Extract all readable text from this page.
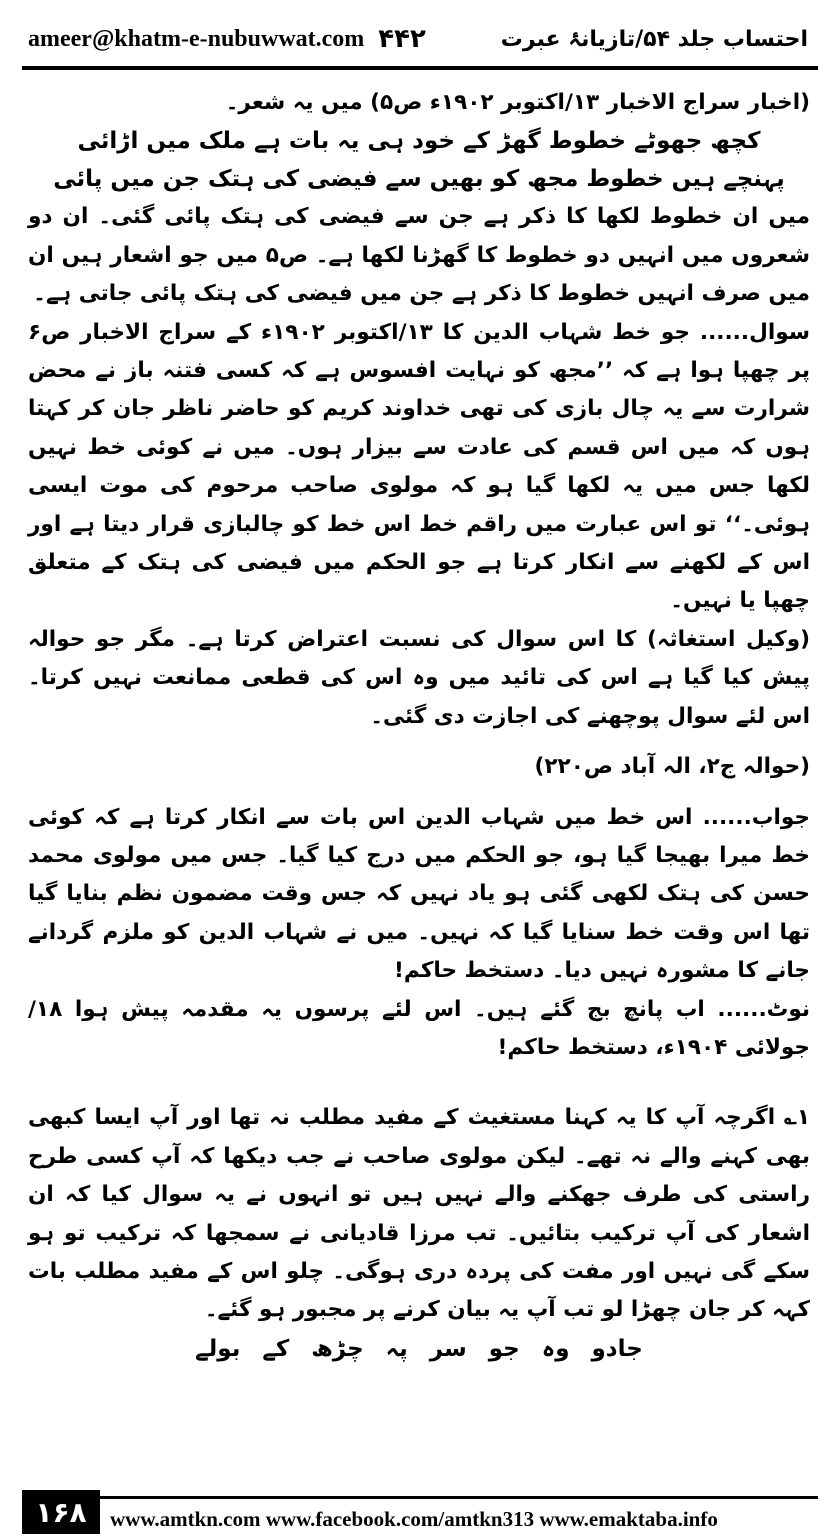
ameer@khatm-e-nubuwwat.com ۴۴۲	احتساب جلد ۵۴/تازیانۂ عبرت

(اخبار سراج الاخبار ۱۳/اکتوبر ۱۹۰۲ء ص۵) میں یہ شعر۔

کچھ جھوٹے خطوط گھڑ کے خود ہی یہ بات ہے ملک میں اڑائی
پہنچے ہیں خطوط مجھ کو بھیں سے فیضی کی ہتک جن میں پائی

میں ان خطوط لکھا کا ذکر ہے جن سے فیضی کی ہتک پائی گئی۔ ان دو شعروں میں انہیں دو خطوط کا گھڑنا لکھا ہے۔ ص۵ میں جو اشعار ہیں ان میں صرف انہیں خطوط کا ذکر ہے جن میں فیضی کی ہتک پائی جاتی ہے۔

سوال...... جو خط شہاب الدین کا ۱۳/اکتوبر ۱۹۰۲ء کے سراج الاخبار ص۶ پر چھپا ہوا ہے کہ ’’مجھ کو نہایت افسوس ہے کہ کسی فتنہ باز نے محض شرارت سے یہ چال بازی کی تھی خداوند کریم کو حاضر ناظر جان کر کہتا ہوں کہ میں اس قسم کی عادت سے بیزار ہوں۔ میں نے کوئی خط نہیں لکھا جس میں یہ لکھا گیا ہو کہ مولوی صاحب مرحوم کی موت ایسی ہوئی۔‘‘ تو اس عبارت میں راقم خط اس خط کو چالبازی قرار دیتا ہے اور اس کے لکھنے سے انکار کرتا ہے جو الحکم میں فیضی کی ہتک کے متعلق چھپا یا نہیں۔

(وکیل استغاثہ) کا اس سوال کی نسبت اعتراض کرتا ہے۔ مگر جو حوالہ پیش کیا گیا ہے اس کی تائید میں وہ اس کی قطعی ممانعت نہیں کرتا۔ اس لئے سوال پوچھنے کی اجازت دی گئی۔

(حوالہ ج۲، الہ آباد ص۲۲۰)

جواب...... اس خط میں شہاب الدین اس بات سے انکار کرتا ہے کہ کوئی خط میرا بھیجا گیا ہو، جو الحکم میں درج کیا گیا۔ جس میں مولوی محمد حسن کی ہتک لکھی گئی ہو یاد نہیں کہ جس وقت مضمون نظم بنایا گیا تھا اس وقت خط سنایا گیا کہ نہیں۔ میں نے شہاب الدین کو ملزم گردانے جانے کا مشورہ نہیں دیا۔ دستخط حاکم!

نوٹ...... اب پانچ بج گئے ہیں۔ اس لئے پرسوں یہ مقدمہ پیش ہوا ۱۸/جولائی ۱۹۰۴ء، دستخط حاکم!

۱؎ اگرچہ آپ کا یہ کہنا مستغیث کے مفید مطلب نہ تھا اور آپ ایسا کبھی بھی کہنے والے نہ تھے۔ لیکن مولوی صاحب نے جب دیکھا کہ آپ کسی طرح راستی کی طرف جھکنے والے نہیں ہیں تو انہوں نے یہ سوال کیا کہ ان اشعار کی آپ ترکیب بتائیں۔ تب مرزا قادیانی نے سمجھا کہ ترکیب تو ہو سکے گی نہیں اور مفت کی پردہ دری ہوگی۔ چلو اس کے مفید مطلب بات کہہ کر جان چھڑا لو تب آپ یہ بیان کرنے پر مجبور ہو گئے۔

جادو وہ جو سر پہ چڑھ کے بولے

۱۶۸	www.amtkn.com www.facebook.com/amtkn313 www.emaktaba.info
